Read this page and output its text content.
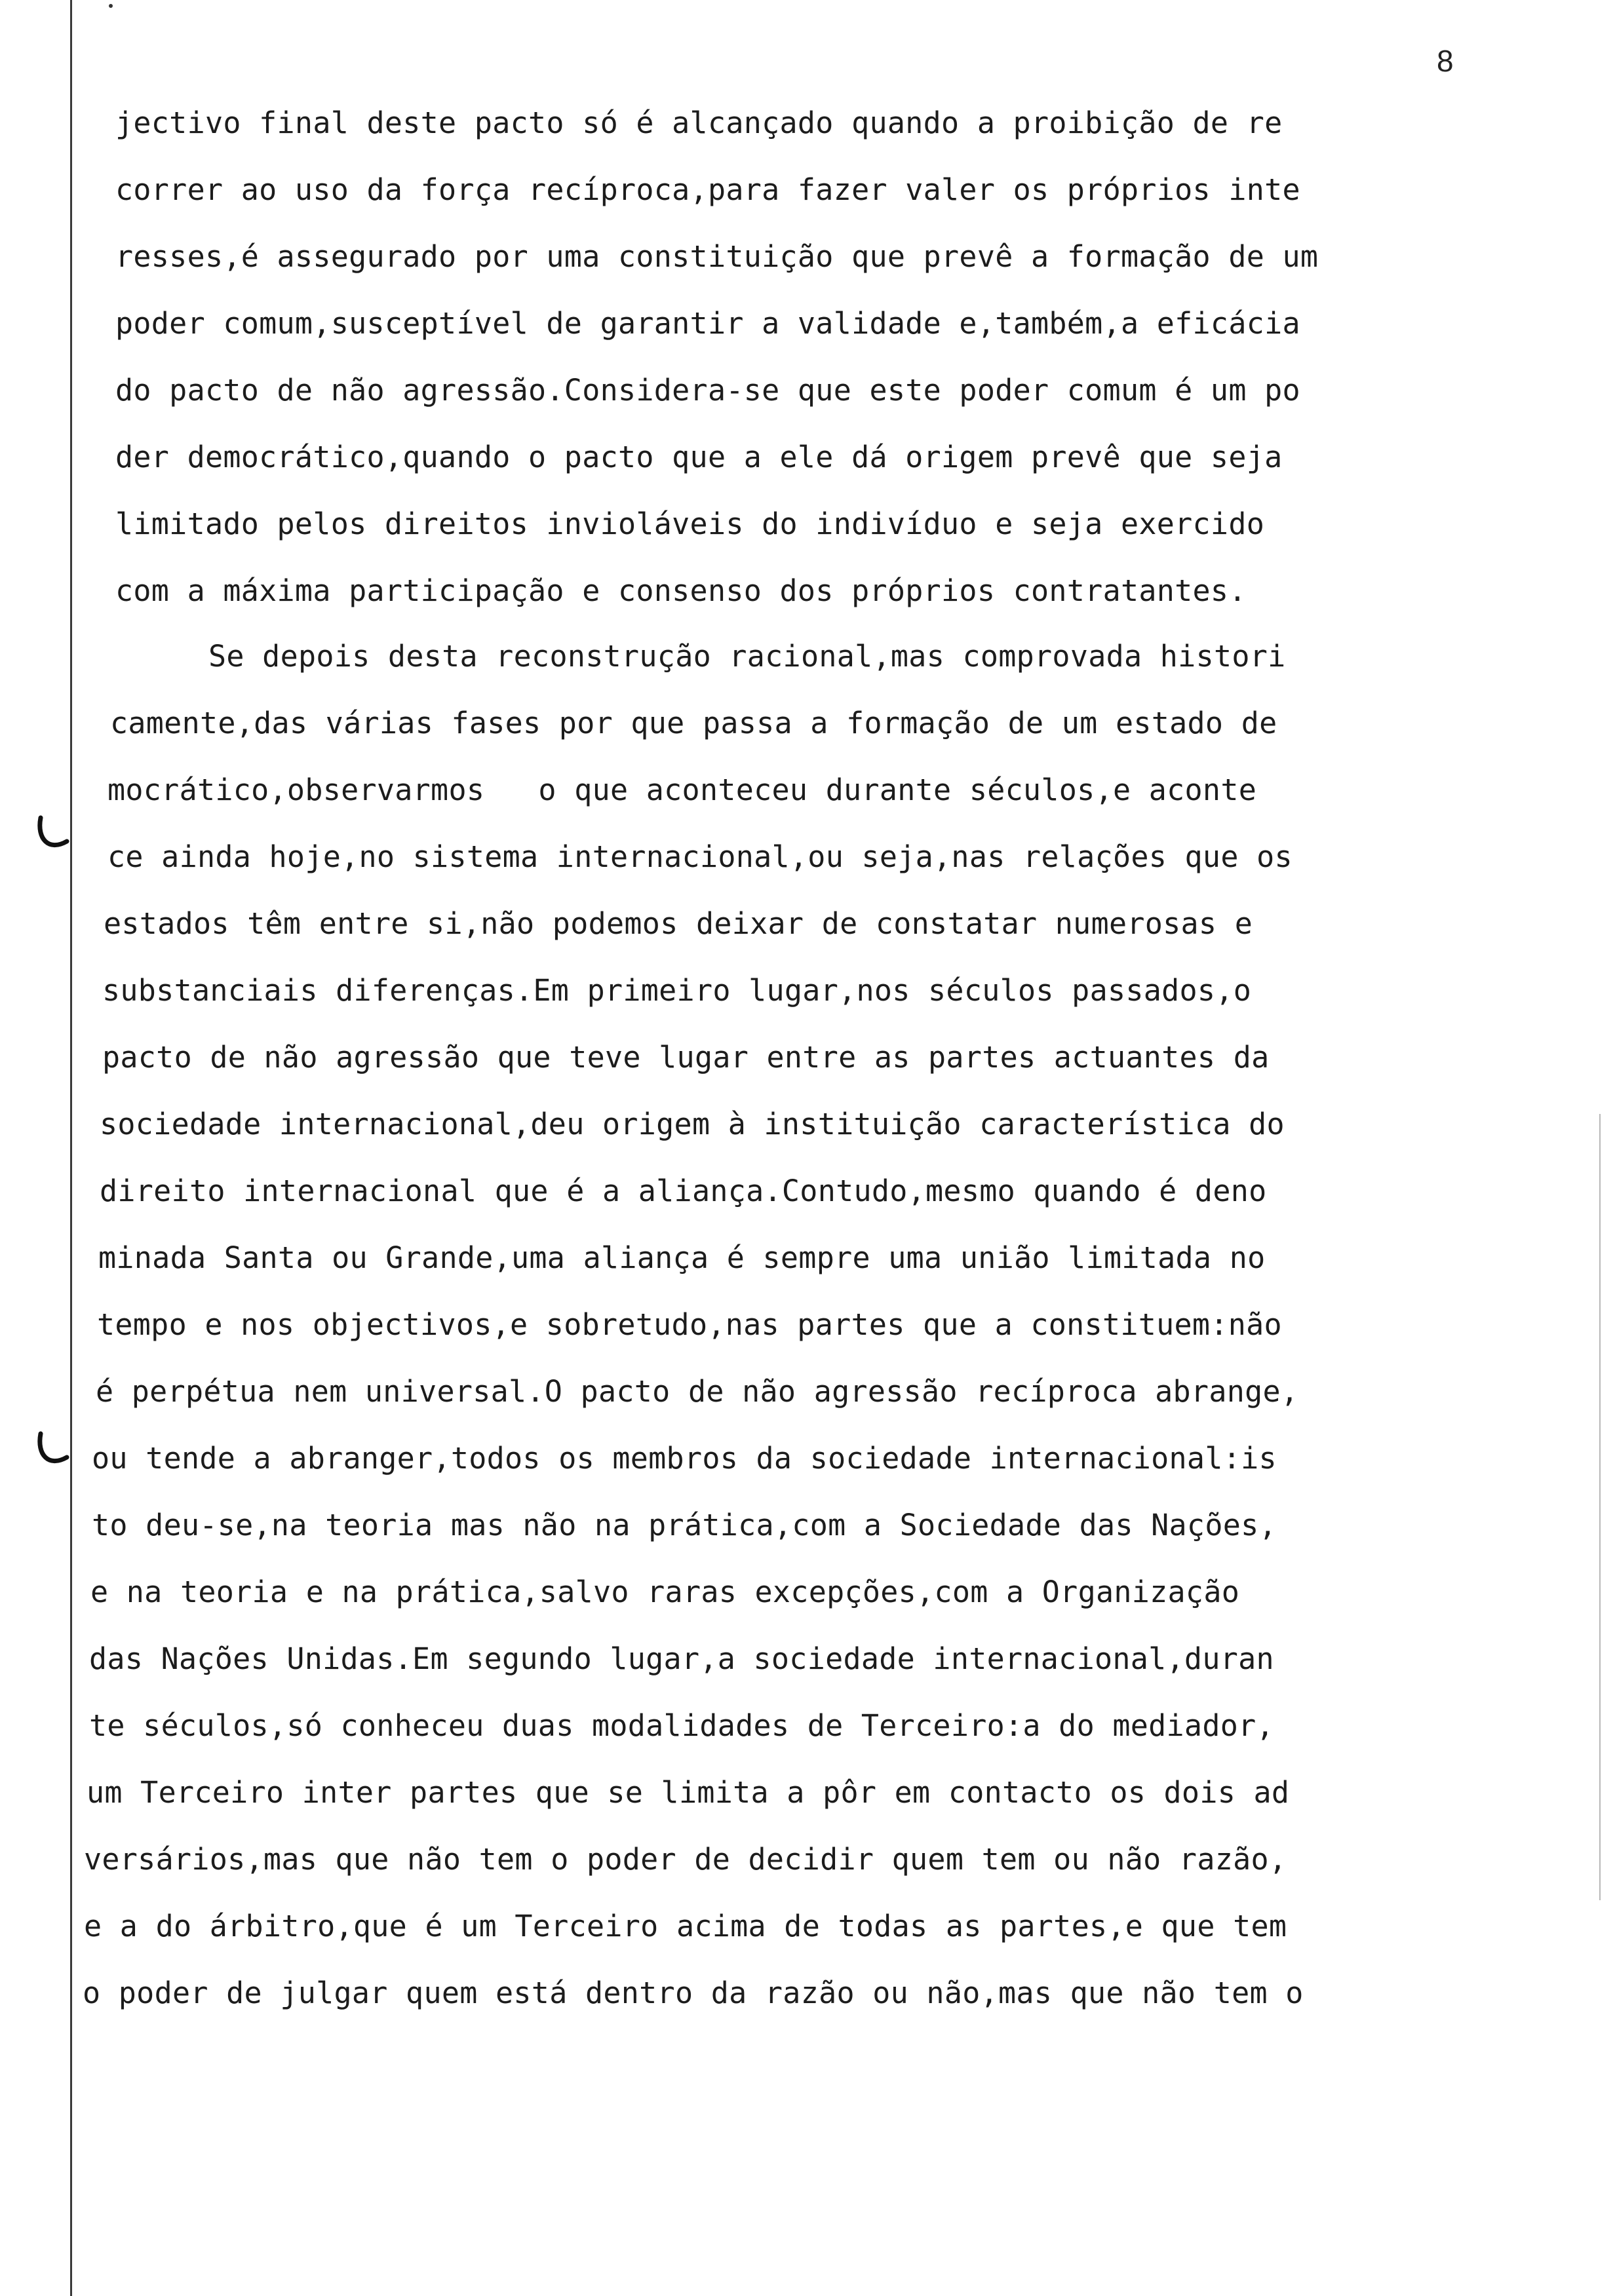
8
jectivo final deste pacto só é alcançado quando a proibição de re
correr ao uso da força recíproca,para fazer valer os próprios inte
resses,é assegurado por uma constituição que prevê a formação de um
poder comum,susceptível de garantir a validade e,também,a eficácia
do pacto de não agressão.Considera-se que este poder comum é um po
der democrático,quando o pacto que a ele dá origem prevê que seja
limitado pelos direitos invioláveis do indivíduo e seja exercido
com a máxima participação e consenso dos próprios contratantes.
Se depois desta reconstrução racional,mas comprovada histori
camente,das várias fases por que passa a formação de um estado de
mocrático,observarmos   o que aconteceu durante séculos,e aconte
ce ainda hoje,no sistema internacional,ou seja,nas relações que os
estados têm entre si,não podemos deixar de constatar numerosas e
substanciais diferenças.Em primeiro lugar,nos séculos passados,o
pacto de não agressão que teve lugar entre as partes actuantes da
sociedade internacional,deu origem à instituição característica do
direito internacional que é a aliança.Contudo,mesmo quando é deno
minada Santa ou Grande,uma aliança é sempre uma união limitada no
tempo e nos objectivos,e sobretudo,nas partes que a constituem:não
é perpétua nem universal.O pacto de não agressão recíproca abrange,
ou tende a abranger,todos os membros da sociedade internacional:is
to deu-se,na teoria mas não na prática,com a Sociedade das Nações,
e na teoria e na prática,salvo raras excepções,com a Organização
das Nações Unidas.Em segundo lugar,a sociedade internacional,duran
te séculos,só conheceu duas modalidades de Terceiro:a do mediador,
um Terceiro inter partes que se limita a pôr em contacto os dois ad
versários,mas que não tem o poder de decidir quem tem ou não razão,
e a do árbitro,que é um Terceiro acima de todas as partes,e que tem
o poder de julgar quem está dentro da razão ou não,mas que não tem o
